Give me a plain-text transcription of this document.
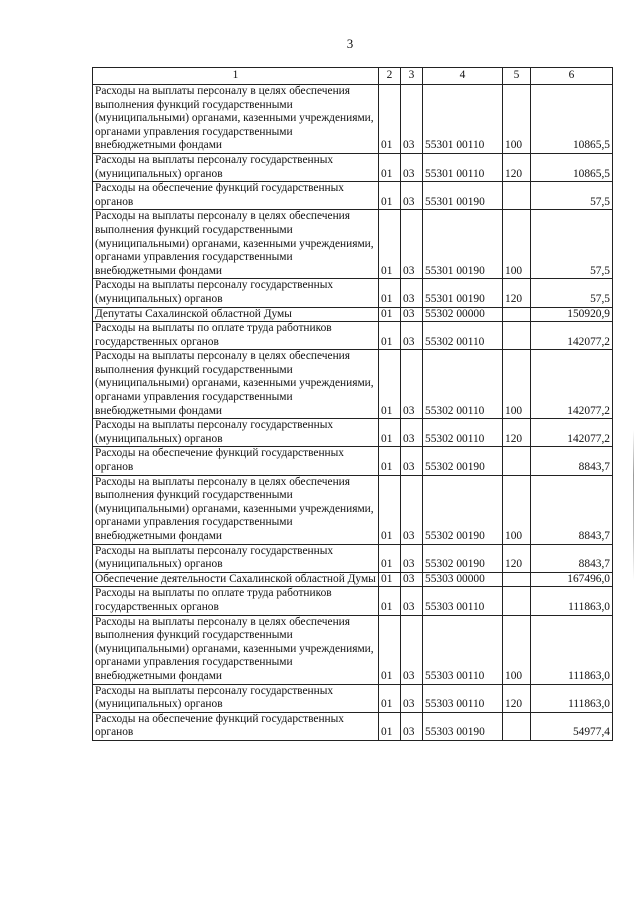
3
1	2	3	4	5	6
Расходы на выплаты персоналу в целях обеспечения выполнения функций государственными (муниципальными) органами, казенными учреждениями, органами управления государственными внебюджетными фондами	01	03	55301 00110	100	10865,5
Расходы на выплаты персоналу государственных (муниципальных) органов	01	03	55301 00110	120	10865,5
Расходы на обеспечение функций государственных органов	01	03	55301 00190		57,5
Расходы на выплаты персоналу в целях обеспечения выполнения функций государственными (муниципальными) органами, казенными учреждениями, органами управления государственными внебюджетными фондами	01	03	55301 00190	100	57,5
Расходы на выплаты персоналу государственных (муниципальных) органов	01	03	55301 00190	120	57,5
Депутаты Сахалинской областной Думы	01	03	55302 00000		150920,9
Расходы на выплаты по оплате труда работников государственных органов	01	03	55302 00110		142077,2
Расходы на выплаты персоналу в целях обеспечения выполнения функций государственными (муниципальными) органами, казенными учреждениями, органами управления государственными внебюджетными фондами	01	03	55302 00110	100	142077,2
Расходы на выплаты персоналу государственных (муниципальных) органов	01	03	55302 00110	120	142077,2
Расходы на обеспечение функций государственных органов	01	03	55302 00190		8843,7
Расходы на выплаты персоналу в целях обеспечения выполнения функций государственными (муниципальными) органами, казенными учреждениями, органами управления государственными внебюджетными фондами	01	03	55302 00190	100	8843,7
Расходы на выплаты персоналу государственных (муниципальных) органов	01	03	55302 00190	120	8843,7
Обеспечение деятельности Сахалинской областной Думы	01	03	55303 00000		167496,0
Расходы на выплаты по оплате труда работников государственных органов	01	03	55303 00110		111863,0
Расходы на выплаты персоналу в целях обеспечения выполнения функций государственными (муниципальными) органами, казенными учреждениями, органами управления государственными внебюджетными фондами	01	03	55303 00110	100	111863,0
Расходы на выплаты персоналу государственных (муниципальных) органов	01	03	55303 00110	120	111863,0
Расходы на обеспечение функций государственных органов	01	03	55303 00190		54977,4
